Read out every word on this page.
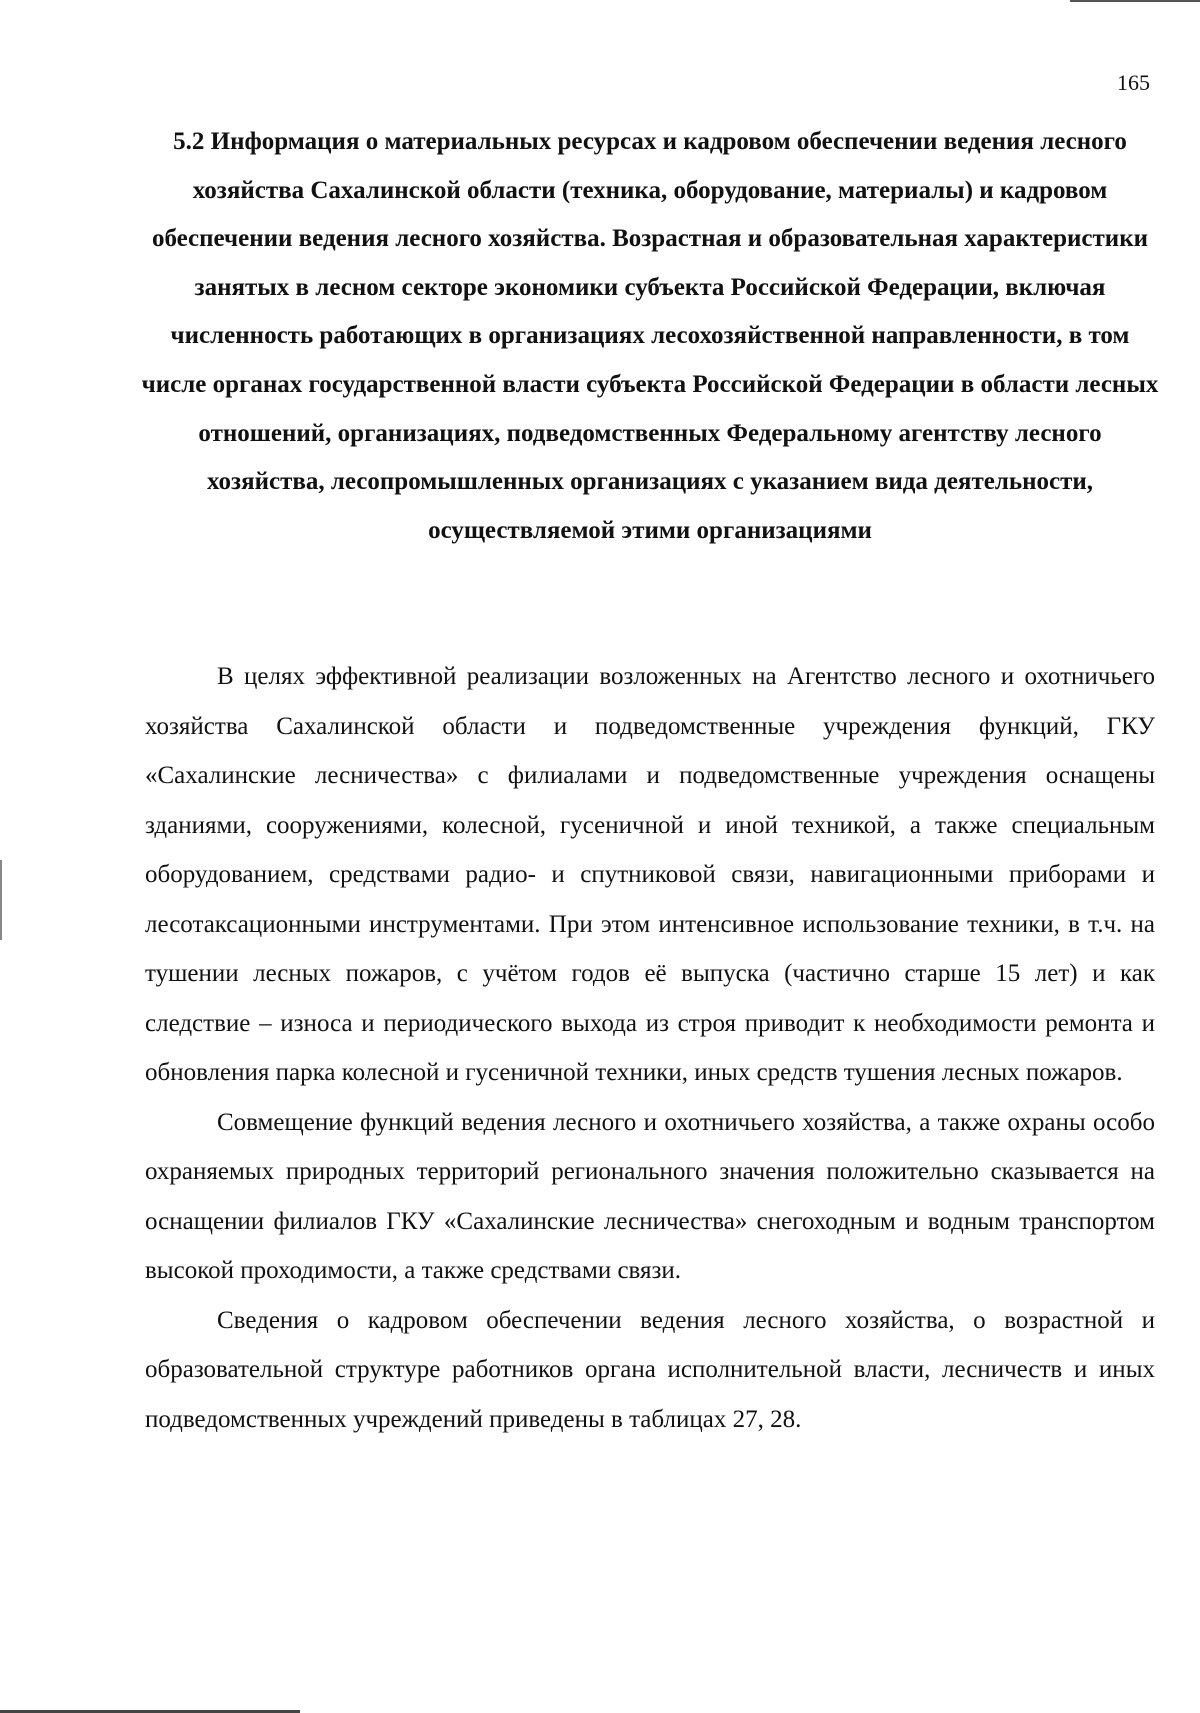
165
5.2 Информация о материальных ресурсах и кадровом обеспечении ведения лесного хозяйства Сахалинской области (техника, оборудование, материалы) и кадровом обеспечении ведения лесного хозяйства. Возрастная и образовательная характеристики занятых в лесном секторе экономики субъекта Российской Федерации, включая численность работающих в организациях лесохозяйственной направленности, в том числе органах государственной власти субъекта Российской Федерации в области лесных отношений, организациях, подведомственных Федеральному агентству лесного хозяйства, лесопромышленных организациях с указанием вида деятельности, осуществляемой этими организациями

В целях эффективной реализации возложенных на Агентство лесного и охотничьего хозяйства Сахалинской области и подведомственные учреждения функций, ГКУ «Сахалинские лесничества» с филиалами и подведомственные учреждения оснащены зданиями, сооружениями, колесной, гусеничной и иной техникой, а также специальным оборудованием, средствами радио- и спутниковой связи, навигационными приборами и лесотаксационными инструментами. При этом интенсивное использование техники, в т.ч. на тушении лесных пожаров, с учётом годов её выпуска (частично старше 15 лет) и как следствие – износа и периодического выхода из строя приводит к необходимости ремонта и обновления парка колесной и гусеничной техники, иных средств тушения лесных пожаров.

Совмещение функций ведения лесного и охотничьего хозяйства, а также охраны особо охраняемых природных территорий регионального значения положительно сказывается на оснащении филиалов ГКУ «Сахалинские лесничества» снегоходным и водным транспортом высокой проходимости, а также средствами связи.

Сведения о кадровом обеспечении ведения лесного хозяйства, о возрастной и образовательной структуре работников органа исполнительной власти, лесничеств и иных подведомственных учреждений приведены в таблицах 27, 28.
